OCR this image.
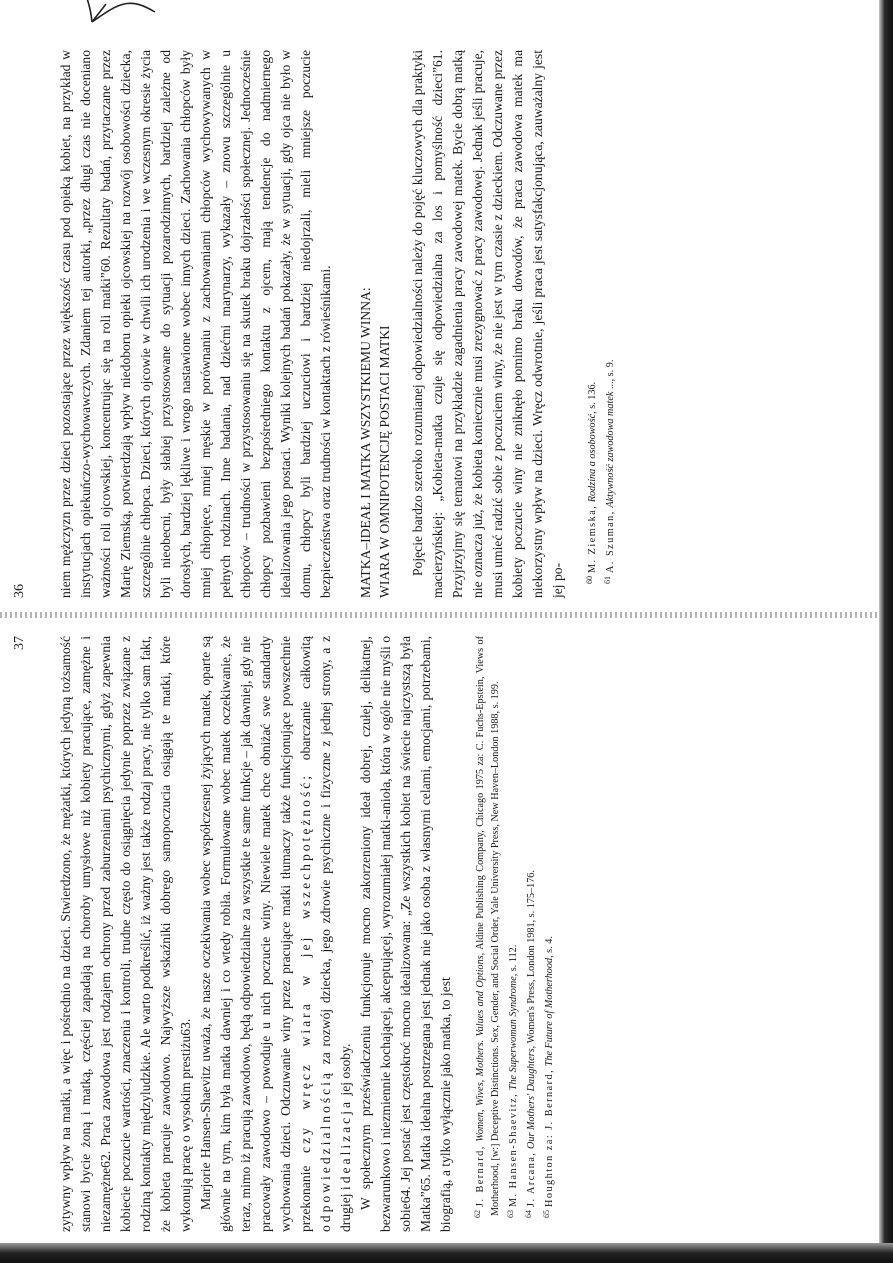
36 niem mężczyzn przez dzieci pozostające przez większość czasu pod opieką kobiet, na przykład w instytucjach opiekuńczo-wychowawczych. Zdaniem tej autorki, „przez długi czas nie doceniano ważności roli ojcowskiej, koncentrując się na roli matki”60. Rezultaty badań, przytaczane przez Marię Ziemską, potwierdzają wpływ niedoboru opieki ojcowskiej na rozwój osobowości dziecka, szczególnie chłopca. Dzieci, których ojcowie w chwili ich urodzenia i we wczesnym okresie życia byli nieobecni, były słabiej przystosowane do sytuacji pozarodzinnych, bardziej zależne od dorosłych, bardziej lękliwe i wrogo nastawione wobec innych dzieci. Zachowania chłopców były mniej chłopięce, mniej męskie w porównaniu z zachowaniami chłopców wychowywanych w pełnych rodzinach. Inne badania, nad dziećmi marynarzy, wykazały – znowu szczególnie u chłopców – trudności w przystosowaniu się na skutek braku dojrzałości społecznej. Jednocześnie chłopcy pozbawieni bezpośredniego kontaktu z ojcem, mają tendencje do nadmiernego idealizowania jego postaci. Wyniki kolejnych badań pokazały, że w sytuacji, gdy ojca nie było w domu, chłopcy byli bardziej uczuciowi i bardziej niedojrzali, mieli mniejsze poczucie bezpieczeństwa oraz trudności w kontaktach z rówieśnikami. MATKA–IDEAŁ I MATKA WSZYSTKIEMU WINNA: WIARA W OMNIPOTENCJĘ POSTACI MATKI Pojęcie bardzo szeroko rozumianej odpowiedzialności należy do pojęć kluczowych dla praktyki macierzyńskiej: „Kobieta-matka czuje się odpowiedzialna za los i pomyślność dzieci”61. Przyjrzyjmy się tematowi na przykładzie zagadnienia pracy zawodowej matek. Bycie dobrą matką nie oznacza już, że kobieta koniecznie musi zrezygnować z pracy zawodowej. Jednak jeśli pracuje, musi umieć radzić sobie z poczuciem winy, że nie jest w tym czasie z dzieckiem. Odczuwane przez kobiety poczucie winy nie zniknęło pomimo braku dowodów, że praca zawodowa matek ma niekorzystny wpływ na dzieci. Wręcz odwrotnie, jeśli praca jest satysfakcjonująca, zauważalny jest jej po-	$^{60}$M. Ziemska, Rodzina a osobowość, s. 136.

$^{61}$A. Szuman, Aktywność zawodowa matek ..., s. 9.

37 zytywny wpływ na matki, a więc i pośrednio na dzieci. Stwierdzono, że mężatki, których jedyną tożsamość stanowi bycie żoną i matką, częściej zapadają na choroby umysłowe niż kobiety pracujące, zamężne i niezamężne62. Praca zawodowa jest rodzajem ochrony przed zaburzeniami psychicznymi, gdyż zapewnia kobiecie poczucie wartości, znaczenia i kontroli, trudne często do osiągnięcia jedynie poprzez związane z rodziną kontakty międzyludzkie. Ale warto podkreślić, iż ważny jest także rodzaj pracy, nie tylko sam fakt, że kobieta pracuje zawodowo. Najwyższe wskaźniki dobrego samopoczucia osiągają te matki, które wykonują pracę o wysokim prestiżu63. Marjorie Hansen-Shaevitz uważa, że nasze oczekiwania wobec współczesnej żyjących matek, oparte są głównie na tym, kim była matka dawniej i co wtedy robiła. Formułowane wobec matek oczekiwanie, że teraz, mimo iż pracują zawodowo, będą odpowiedzialne za wszystkie te same funkcje – jak dawniej, gdy nie pracowały zawodowo – powoduje u nich poczucie winy. Niewiele matek chce obniżać swe standardy wychowania dzieci. Odczuwanie winy przez pracujące matki tłumaczy także funkcjonujące powszechnie przekonanie czy wręcz wiara w jej wszechpotężność; obarczanie całkowitą odpowiedzialnością za rozwój dziecka, jego zdrowie psychiczne i fizyczne z jednej strony, a z drugiej idealizacja jej osoby. W społecznym przeświadczeniu funkcjonuje mocno zakorzeniony ideał dobrej, czułej, delikatnej, bezwarunkowo i niezmiennie kochającej, akceptującej, wyrozumiałej matki-anioła, która w ogóle nie myśli o sobie64. Jej postać jest częstokroć mocno idealizowana: „Ze wszystkich kobiet na świecie najczystszą była Matka”65. Matka idealna postrzegana jest jednak nie jako osoba z własnymi celami, emocjami, potrzebami, biografią, a tylko wyłącznie jako matka, to jest	$^{62}$J. Bernard, Women, Wives, Mothers. Values and Options, Aldine Publishing Company, Chicago 1975 za: C. Fuchs-Epstein, Views of Motherhood, [w:] Deceptive Distinctions. Sex, Gender, and Social Order, Yale University Press, New Haven–London 1988, s. 199. $^{63}$M. Hansen-Shaevitz, The Superwoman Syndrome, s. 112.

$^{64}$J. Arcana, Our Mothers' Daughters, Women's Press, London 1981, s. 175–176.

$^{65}$Houghton za: J. Bernard, The Future of Motherhood, s. 4.
